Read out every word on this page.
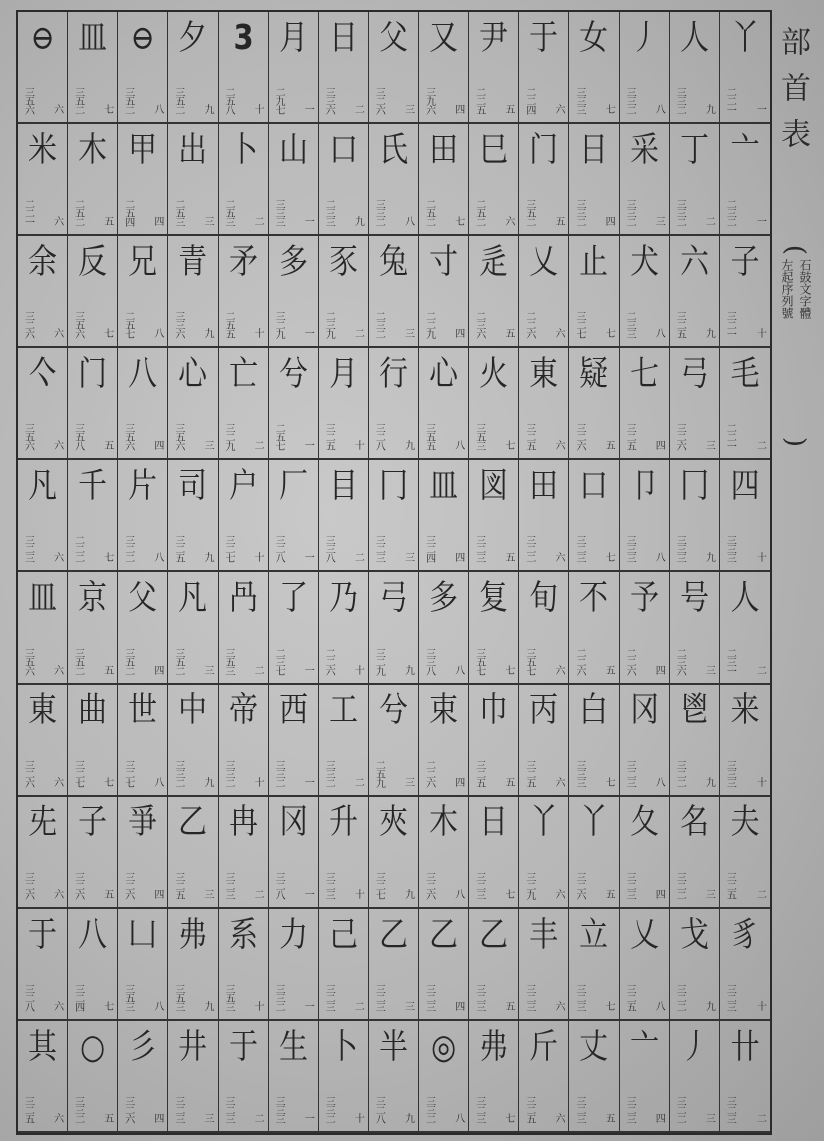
⊖
三五六 六
皿
三五二 七
⊖
三五二 八
夕
三五二 九
𝟯
二五八 十
月
二九七 一
日
三三六 二
父
三二六 三
又
三九六 四
尹
二二五 五
于
二二四 六
女
三三三 七
丿
三三二 八
人
三三二 九
丫
二二一 一
米
二二一 六
木
二五二 五
甲
二五四 四
出
二五三 三
卜
二五三 二
山
三三三 一
口
二三三 九
氏
三三二 八
田
二五二 七
巳
二五二 六
门
三五二 五
日
三三二 四
采
三三二 三
丁
三三二 二
亠
二三二 一
余
三二六 六
反
三五六 七
兄
二五七 八
青
三三六 九
矛
二五五 十
多
三二九 一
豕
二三九 二
兔
二三二 三
寸
二二九 四
辵
二三六 五
乂
二二六 六
止
三二七 七
犬
二三三 八
六
三二五 九
子
三二一 十
亽
三五六 六
门
三五八 五
八
三五六 四
心
三五六 三
亡
三二九 二
兮
二五七 一
月
三二五 十
行
三二八 九
心
三五五 八
火
三五三 七
東
三二五 六
疑
三二六 五
七
三二五 四
弓
三二六 三
毛
二二一 二
凡
三二三 六
千
二二二 七
片
三二二 八
司
三二五 九
户
三二七 十
厂
三二八 一
目
三三八 二
冂
三二三 三
皿
三二四 四
図
三二三 五
田
三二二 六
口
三二三 七
卩
三三三 八
冂
三三三 九
四
三三三 十
皿
三五六 六
京
三五二 五
父
三五二 四
凡
三五二 三
冎
三五三 二
了
二三七 一
乃
二二六 十
弓
三二九 九
多
三三八 八
复
三五七 七
旬
三五七 六
不
二二六 五
予
二二六 四
号
二三六 三
人
二三一 二
東
三二六 六
曲
三二七 七
世
三二七 八
中
三三二 九
帝
三三二 十
西
三三二 一
工
三三二 二
兮
二五九 三
束
二二六 四
巾
三二五 五
丙
三二五 六
白
三三三 七
冈
三二三 八
鬯
三二二 九
来
三三三 十
兂
三二六 六
子
三二六 五
爭
三二六 四
乙
三二五 三
冉
三二三 二
冈
三二八 一
升
三二三 十
夾
三二七 九
木
三二六 八
日
三二三 七
丫
三二九 六
丫
三二六 五
夂
三二三 四
名
三二二 三
夫
三二五 二
于
三二八 六
八
三二四 七
凵
三五三 八
弗
三五三 九
系
三五三 十
力
三三二 一
己
三二三 二
乙
三二三 三
乙
三二三 四
乙
三二三 五
丰
三二三 六
立
三二三 七
乂
三二五 八
戈
三二二 九
豸
三二三 十
其
三二五 六
○
三三二 五
彡
三二六 四
井
三二三 三
于
三二三 二
生
三三三 一
卜
三三二 十
半
三二八 九
◎
三三二 八
弗
三二三 七
斤
三二五 六
丈
三二三 五
亠
三二三 四
丿
三二二 三
卄
三二三 二
部首表
(
石鼓文字體
左起序列號
)
